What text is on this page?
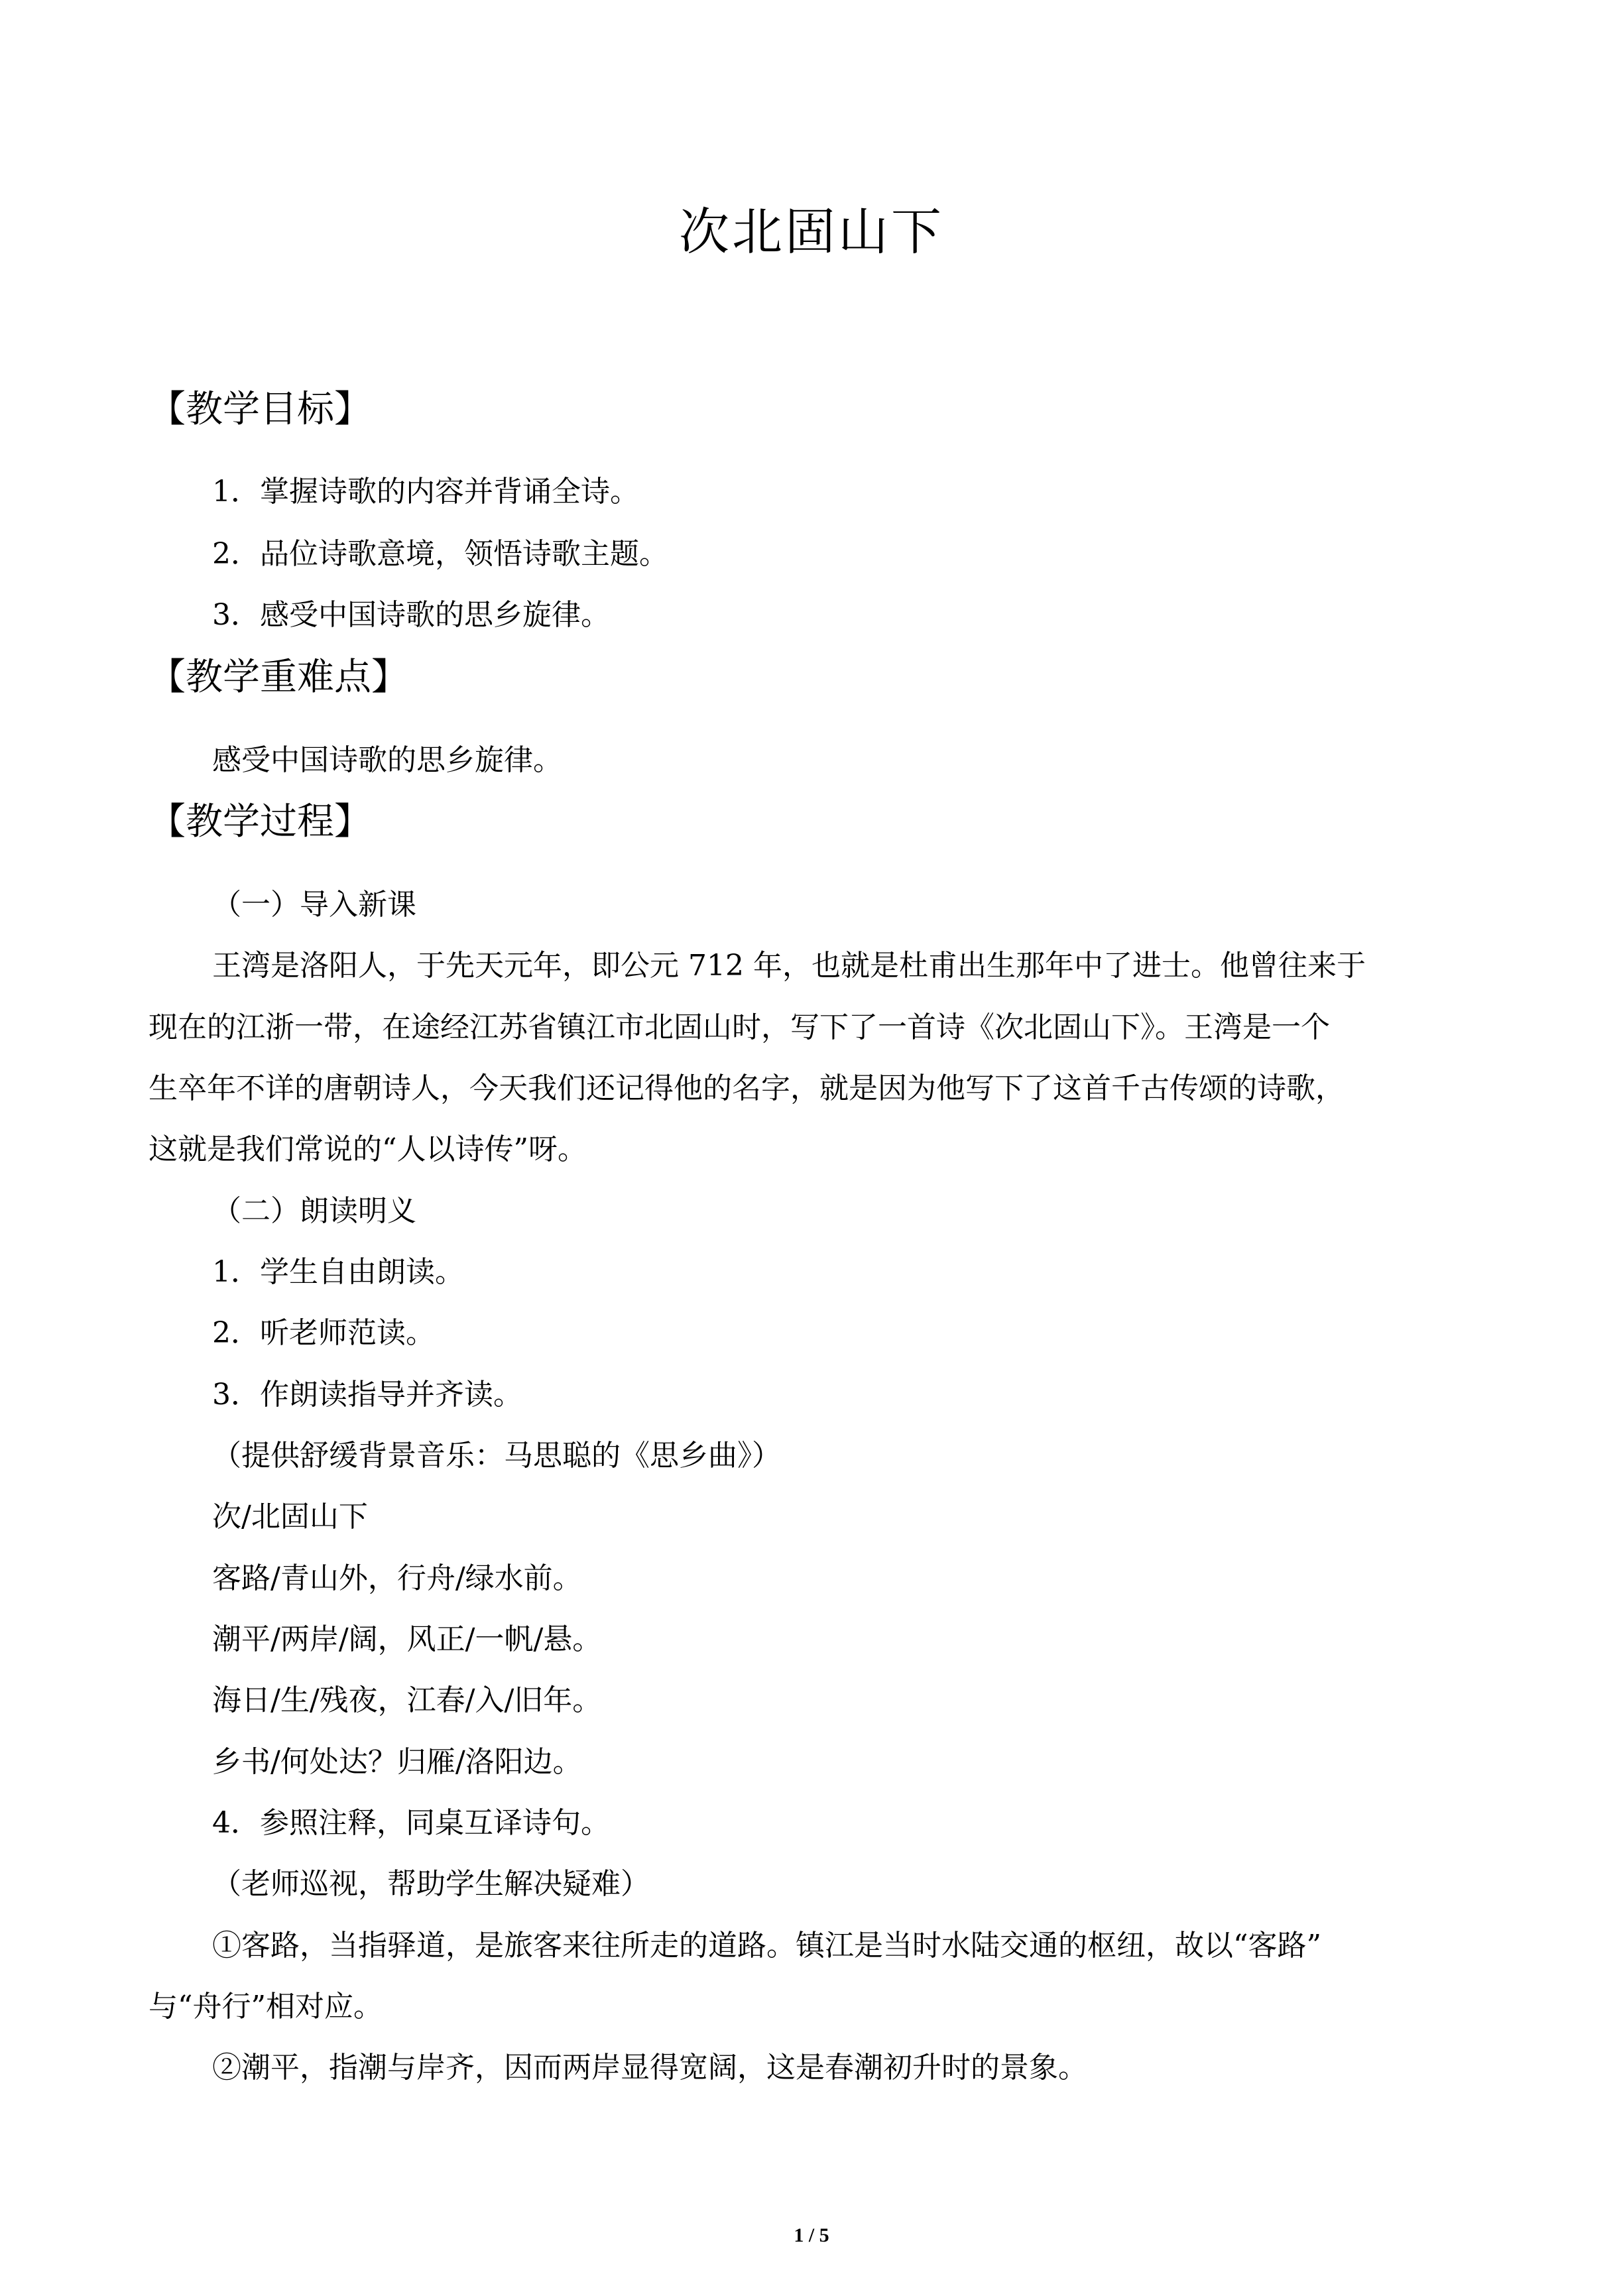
次北固山下
【教学目标】

1．掌握诗歌的内容并背诵全诗。

2．品位诗歌意境，领悟诗歌主题。

3．感受中国诗歌的思乡旋律。

【教学重难点】

感受中国诗歌的思乡旋律。

【教学过程】

（一）导入新课

王湾是洛阳人，于先天元年，即公元 712 年，也就是杜甫出生那年中了进士。他曾往来于

现在的江浙一带，在途经江苏省镇江市北固山时，写下了一首诗《次北固山下》。王湾是一个

生卒年不详的唐朝诗人，今天我们还记得他的名字，就是因为他写下了这首千古传颂的诗歌，

这就是我们常说的“人以诗传”呀。

（二）朗读明义

1．学生自由朗读。

2．听老师范读。

3．作朗读指导并齐读。

（提供舒缓背景音乐：马思聪的《思乡曲》）

次/北固山下

客路/青山外，行舟/绿水前。

潮平/两岸/阔，风正/一帆/悬。

海日/生/残夜，江春/入/旧年。

乡书/何处达？归雁/洛阳边。

4．参照注释，同桌互译诗句。

（老师巡视，帮助学生解决疑难）

①客路，当指驿道，是旅客来往所走的道路。镇江是当时水陆交通的枢纽，故以“客路”

与“舟行”相对应。

②潮平，指潮与岸齐，因而两岸显得宽阔，这是春潮初升时的景象。

1 / 5
